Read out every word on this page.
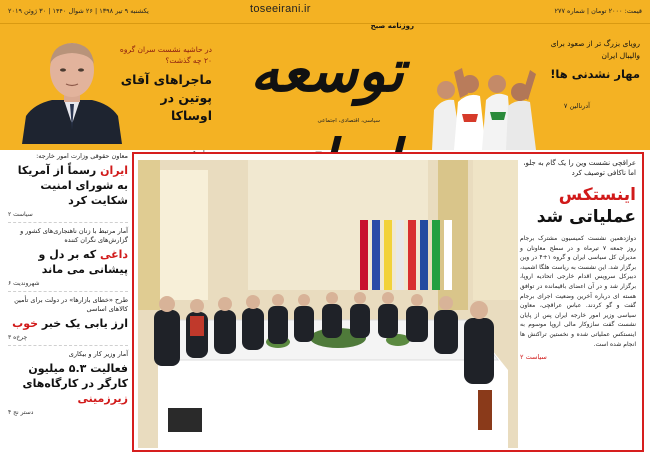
قیمت: ۲۰۰۰ تومان | شماره ۲۷۷
toseeirani.ir
یکشنبه ۹ تیر ۱۳۹۸ | ۲۶ شوال ۱۴۴۰ | ۳۰ ژوئن ۲۰۱۹
روزنامه صبح
توسعه
سیاسی، اقتصادی، اجتماعی
در حاشیه نشست سران گروه ۲۰ چه گذشت؟
ماجراهای آقای پوتین در اوساکا
رویای بزرگ تر از صعود برای والیبال ایران
مهار نشدنی ها!
آدرنالین ۷
معاون حقوقی وزارت امور خارجه:
ایران رسماً از آمریکا به شورای امنیت شکایت کرد
سیاست ۲
آمار مرتبط با زنان ناهنجاری‌های کشور و گزارش‌های نگران کننده
داغی که بر دل و پیشانی می ماند
شهروندیت ۶
طرح «خطای بازارها» در دولت برای تأمین کالاهای اساسی
ارز یابی یک خبر خوب
چرخ‌ه ۳
آمار وزیر کار و بیکاری
فعالیت ۵.۳ میلیون کارگر در کارگاه‌های زیرزمینی
دستر نج ۴
عراقچی نشست وین را یک گام به جلو، اما ناکافی توصیف کرد
اینستکس
عملیاتی شد
دوازدهمین نشست کمیسیون مشترک برجام روز جمعه ۷ تیرماه و در سطح معاونان و مدیران کل سیاسی ایران و گروه ۱+۴ در وین برگزار شد. این نشست به ریاست هلگا اشمید، دبیرکل سرویس اقدام خارجی اتحادیه اروپا، برگزار شد و در آن اعضای باقیمانده در توافق هسته ای درباره آخرین وضعیت اجرای برجام گفت و گو کردند. عباس عراقچی، معاون سیاسی وزیر امور خارجه ایران پس از پایان نشست گفت سازوکار مالی اروپا موسوم به اینستکس عملیاتی شده و نخستین تراکنش ها انجام شده است.
سیاست ۲
